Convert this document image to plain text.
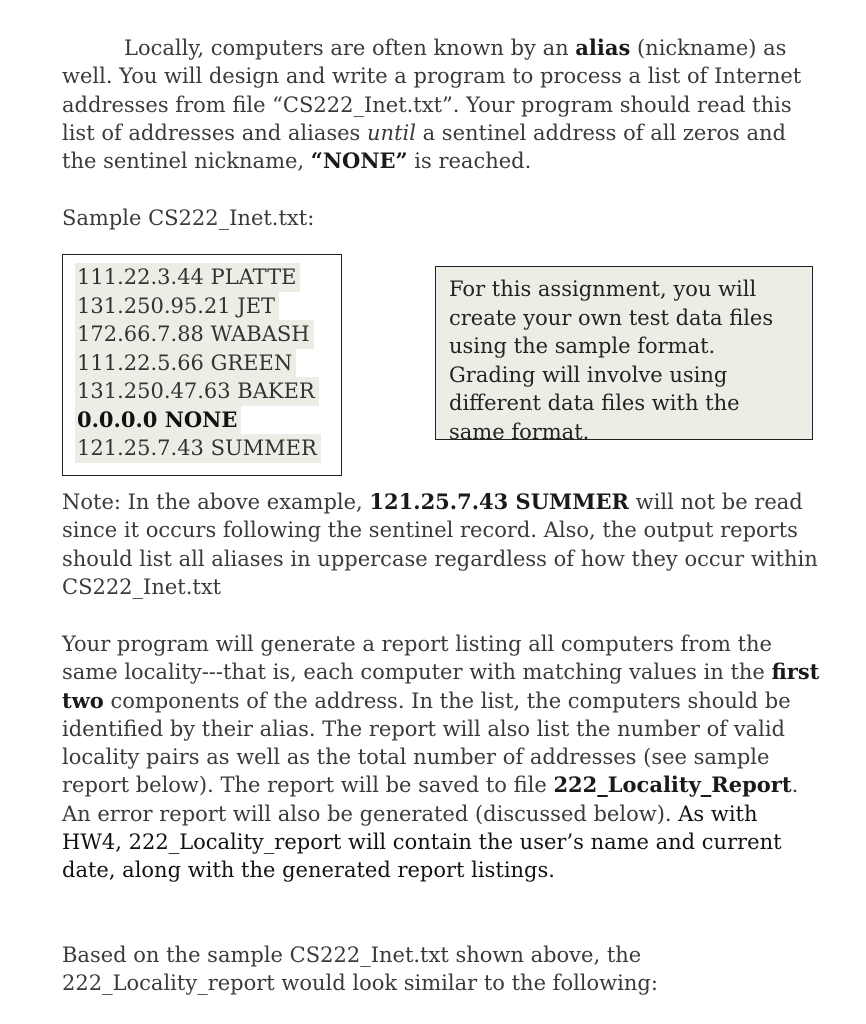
Locally, computers are often known by an alias (nickname) as well. You will design and write a program to process a list of Internet addresses from file “CS222_Inet.txt”. Your program should read this list of addresses and aliases until a sentinel address of all zeros and the sentinel nickname, “NONE” is reached.

Sample CS222_Inet.txt:

111.22.3.44 PLATTE
131.250.95.21 JET
172.66.7.88 WABASH
111.22.5.66 GREEN
131.250.47.63 BAKER
0.0.0.0 NONE
121.25.7.43 SUMMER
For this assignment, you will create your own test data files using the sample format. Grading will involve using different data files with the same format.

Note: In the above example, 121.25.7.43 SUMMER will not be read since it occurs following the sentinel record. Also, the output reports should list all aliases in uppercase regardless of how they occur within CS222_Inet.txt

Your program will generate a report listing all computers from the same locality---that is, each computer with matching values in the first two components of the address. In the list, the computers should be identified by their alias. The report will also list the number of valid locality pairs as well as the total number of addresses (see sample report below). The report will be saved to file 222_Locality_Report. An error report will also be generated (discussed below). As with HW4, 222_Locality_report will contain the user’s name and current date, along with the generated report listings.

Based on the sample CS222_Inet.txt shown above, the 222_Locality_report would look similar to the following:
